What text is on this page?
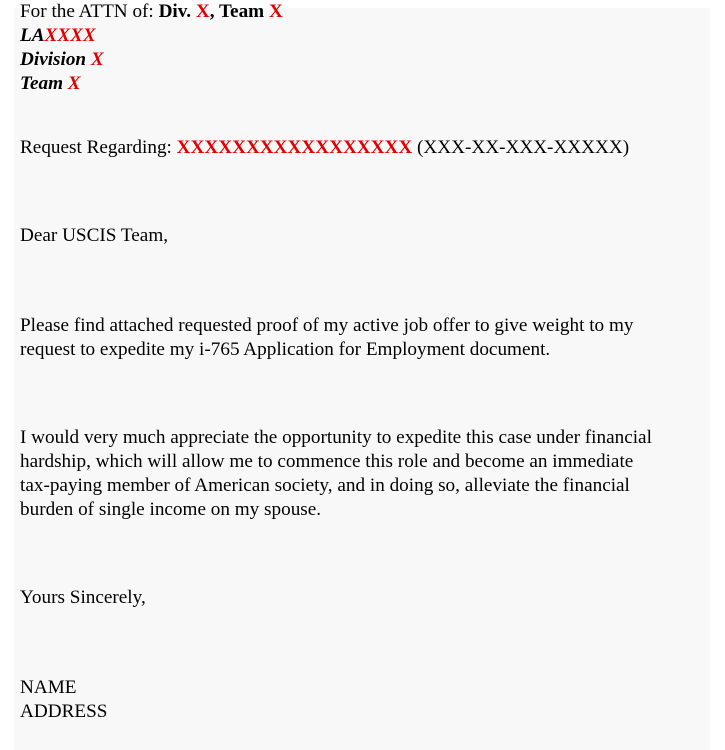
For the ATTN of: Div. X, Team X

LAXXXX

Division X

Team X

Request Regarding: XXXXXXXXXXXXXXXXX (XXX-XX-XXX-XXXXX)

Dear USCIS Team,

Please find attached requested proof of my active job offer to give weight to my

request to expedite my i-765 Application for Employment document.

I would very much appreciate the opportunity to expedite this case under financial

hardship, which will allow me to commence this role and become an immediate

tax-paying member of American society, and in doing so, alleviate the financial

burden of single income on my spouse.

Yours Sincerely,

NAME

ADDRESS
